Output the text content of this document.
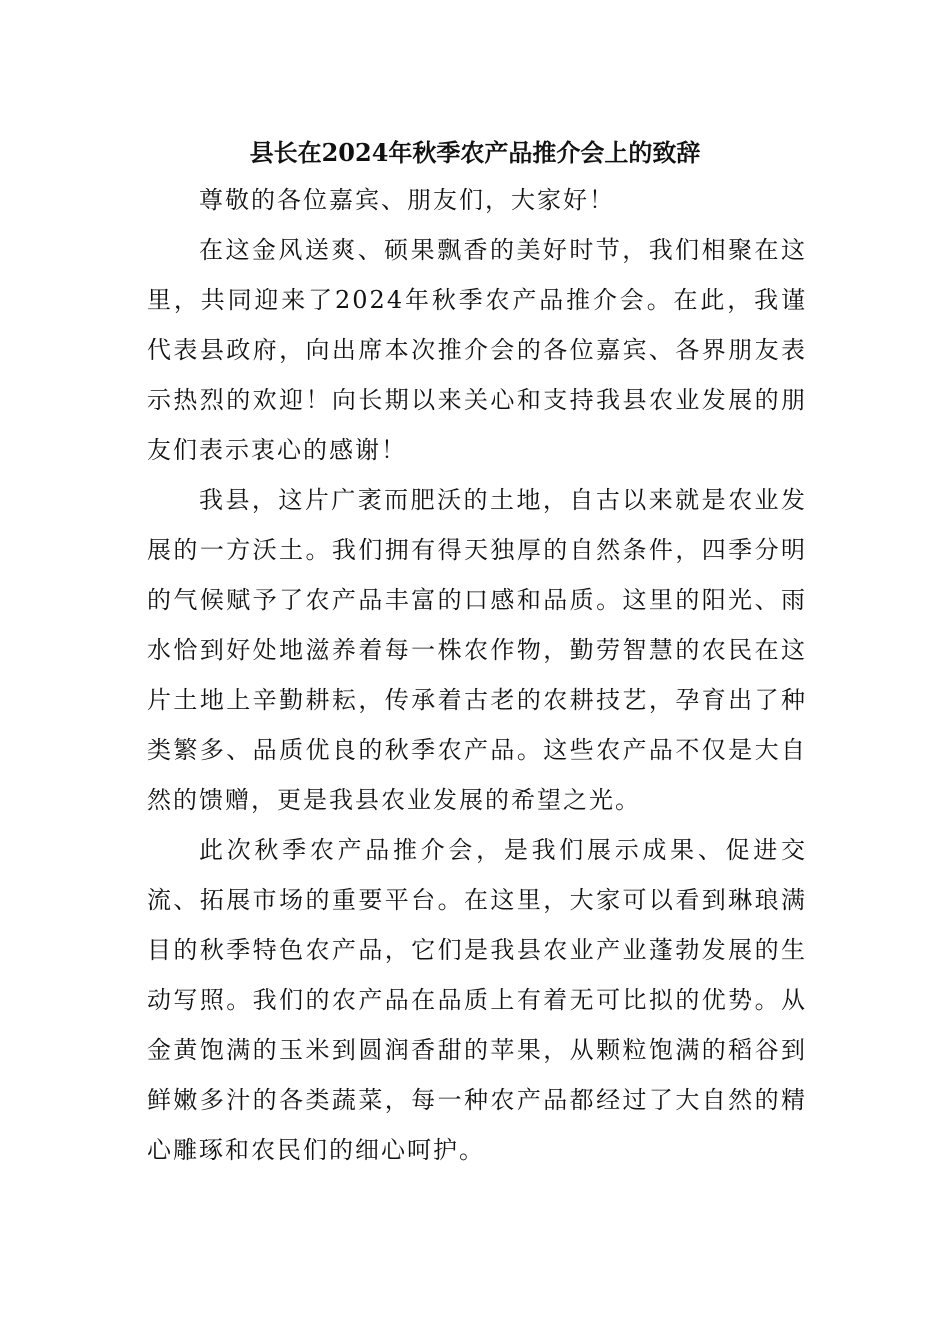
县长在2024年秋季农产品推介会上的致辞

尊敬的各位嘉宾、朋友们，大家好！

在这金风送爽、硕果飘香的美好时节，我们相聚在这里，共同迎来了2024年秋季农产品推介会。在此，我谨代表县政府，向出席本次推介会的各位嘉宾、各界朋友表示热烈的欢迎！向长期以来关心和支持我县农业发展的朋友们表示衷心的感谢！

我县，这片广袤而肥沃的土地，自古以来就是农业发展的一方沃土。我们拥有得天独厚的自然条件，四季分明的气候赋予了农产品丰富的口感和品质。这里的阳光、雨水恰到好处地滋养着每一株农作物，勤劳智慧的农民在这片土地上辛勤耕耘，传承着古老的农耕技艺，孕育出了种类繁多、品质优良的秋季农产品。这些农产品不仅是大自然的馈赠，更是我县农业发展的希望之光。

此次秋季农产品推介会，是我们展示成果、促进交流、拓展市场的重要平台。在这里，大家可以看到琳琅满目的秋季特色农产品，它们是我县农业产业蓬勃发展的生动写照。我们的农产品在品质上有着无可比拟的优势。从金黄饱满的玉米到圆润香甜的苹果，从颗粒饱满的稻谷到鲜嫩多汁的各类蔬菜，每一种农产品都经过了大自然的精心雕琢和农民们的细心呵护。
